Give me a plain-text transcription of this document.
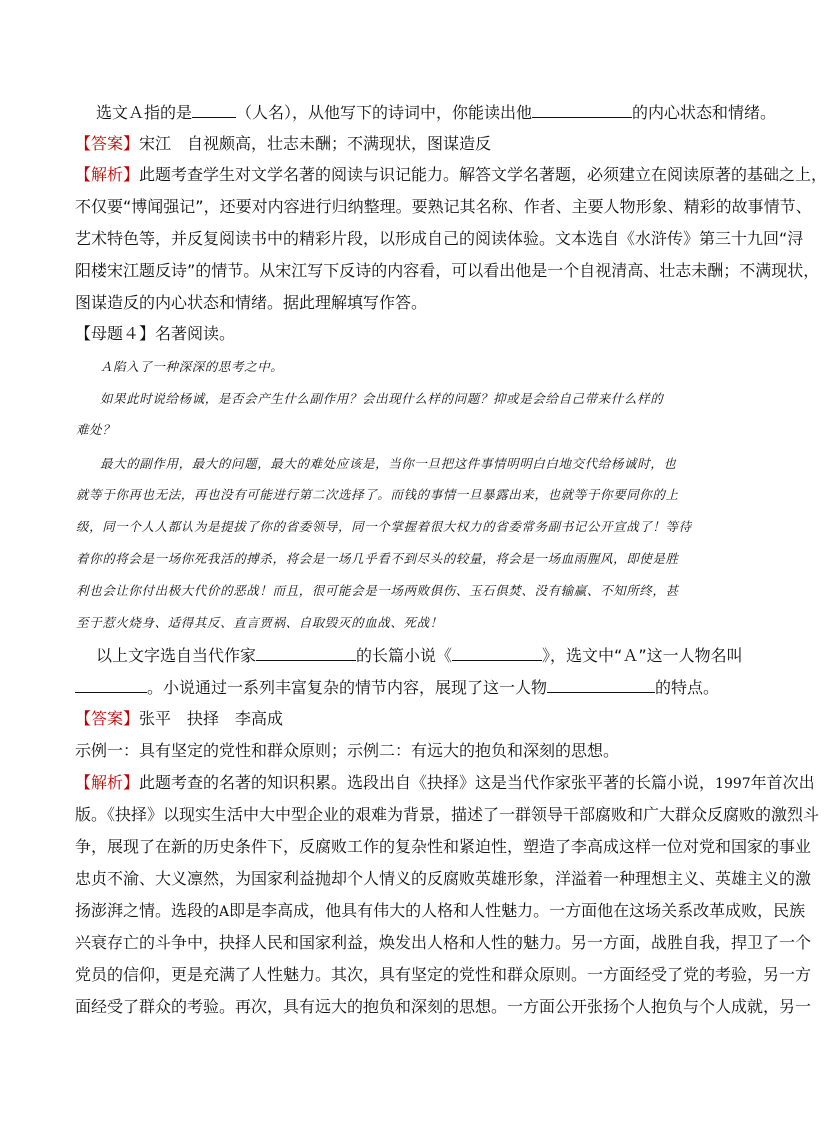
选文Ａ指的是	（人名），从他写下的诗词中，你能读出他	的内心状态和情绪。
【答案】宋江　自视颇高，壮志未酬；不满现状，图谋造反
【解析】此题考查学生对文学名著的阅读与识记能力。解答文学名著题，必须建立在阅读原著的基础之上，
不仅要“博闻强记”，还要对内容进行归纳整理。要熟记其名称、作者、主要人物形象、精彩的故事情节、
艺术特色等，并反复阅读书中的精彩片段，以形成自己的阅读体验。文本选自《水浒传》第三十九回“浔
阳楼宋江题反诗”的情节。从宋江写下反诗的内容看，可以看出他是一个自视清高、壮志未酬；不满现状，
图谋造反的内心状态和情绪。据此理解填写作答。
【母题４】名著阅读。
Ａ陷入了一种深深的思考之中。
如果此时说给杨诚，是否会产生什么副作用？会出现什么样的问题？抑或是会给自己带来什么样的
难处？
最大的副作用，最大的问题，最大的难处应该是，当你一旦把这件事情明明白白地交代给杨诚时，也
就等于你再也无法，再也没有可能进行第二次选择了。而钱的事情一旦暴露出来，也就等于你要同你的上
级，同一个人人都认为是提拔了你的省委领导，同一个掌握着很大权力的省委常务副书记公开宣战了！等待
着你的将会是一场你死我活的搏杀，将会是一场几乎看不到尽头的较量，将会是一场血雨腥风，即使是胜
利也会让你付出极大代价的恶战！而且，很可能会是一场两败俱伤、玉石俱焚、没有输赢、不知所终，甚
至于惹火烧身、适得其反、直言贾祸、自取毁灭的血战、死战！
以上文字选自当代作家	的长篇小说《	》，选文中“Ａ”这一人物名叫
。小说通过一系列丰富复杂的情节内容，展现了这一人物	的特点。
【答案】张平　抉择　李高成
示例一：具有坚定的党性和群众原则；示例二：有远大的抱负和深刻的思想。
【解析】此题考查的名著的知识积累。选段出自《抉择》这是当代作家张平著的长篇小说，1997年首次出
版。《抉择》以现实生活中大中型企业的艰难为背景，描述了一群领导干部腐败和广大群众反腐败的激烈斗
争，展现了在新的历史条件下，反腐败工作的复杂性和紧迫性，塑造了李高成这样一位对党和国家的事业
忠贞不渝、大义凛然，为国家利益抛却个人情义的反腐败英雄形象，洋溢着一种理想主义、英雄主义的激
扬澎湃之情。选段的A即是李高成，他具有伟大的人格和人性魅力。一方面他在这场关系改革成败，民族
兴衰存亡的斗争中，抉择人民和国家利益，焕发出人格和人性的魅力。另一方面，战胜自我，捍卫了一个
党员的信仰，更是充满了人性魅力。其次，具有坚定的党性和群众原则。一方面经受了党的考验，另一方
面经受了群众的考验。再次，具有远大的抱负和深刻的思想。一方面公开张扬个人抱负与个人成就，另一
